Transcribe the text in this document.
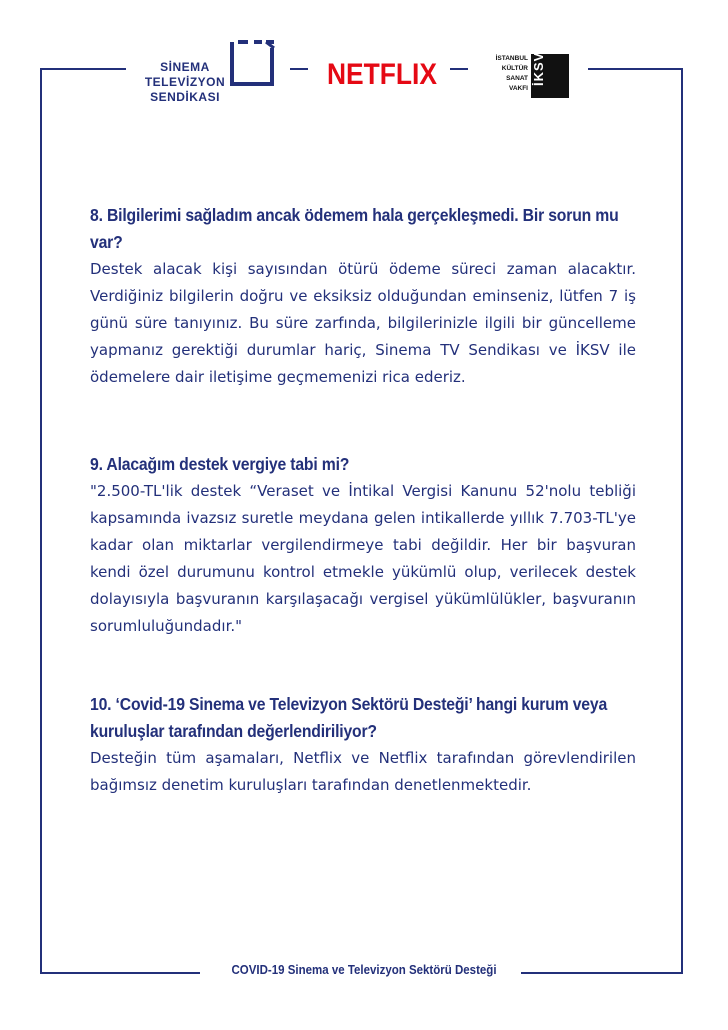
SİNEMA
TELEVİZYON
SENDİKASI
NETFLIX	İSTANBUL
KÜLTÜR
SANAT
VAKFI
İKSV
8. Bilgilerimi sağladım ancak ödemem hala gerçekleşmedi. Bir sorun mu var?
Destek alacak kişi sayısından ötürü ödeme süreci zaman alacaktır. Verdiğiniz bilgilerin doğru ve eksiksiz olduğundan eminseniz, lütfen 7 iş günü süre tanıyınız. Bu süre zarfında, bilgilerinizle ilgili bir güncelleme yapmanız gerektiği durumlar hariç, Sinema TV Sendikası ve İKSV ile ödemelere dair iletişime geçmemenizi rica ederiz.
9. Alacağım destek vergiye tabi mi?
"2.500-TL'lik destek “Veraset ve İntikal Vergisi Kanunu 52'nolu tebliği kapsamında ivazsız suretle meydana gelen intikallerde yıllık 7.703-TL'ye kadar olan miktarlar vergilendirmeye tabi değildir. Her bir başvuran kendi özel durumunu kontrol etmekle yükümlü olup, verilecek destek dolayısıyla başvuranın karşılaşacağı vergisel yükümlülükler, başvuranın sorumluluğundadır."
10. ‘Covid-19 Sinema ve Televizyon Sektörü Desteği’ hangi kurum veya kuruluşlar tarafından değerlendiriliyor?
Desteğin tüm aşamaları, Netflix ve Netflix tarafından görevlendirilen bağımsız denetim kuruluşları tarafından denetlenmektedir.
COVID-19 Sinema ve Televizyon Sektörü Desteği
